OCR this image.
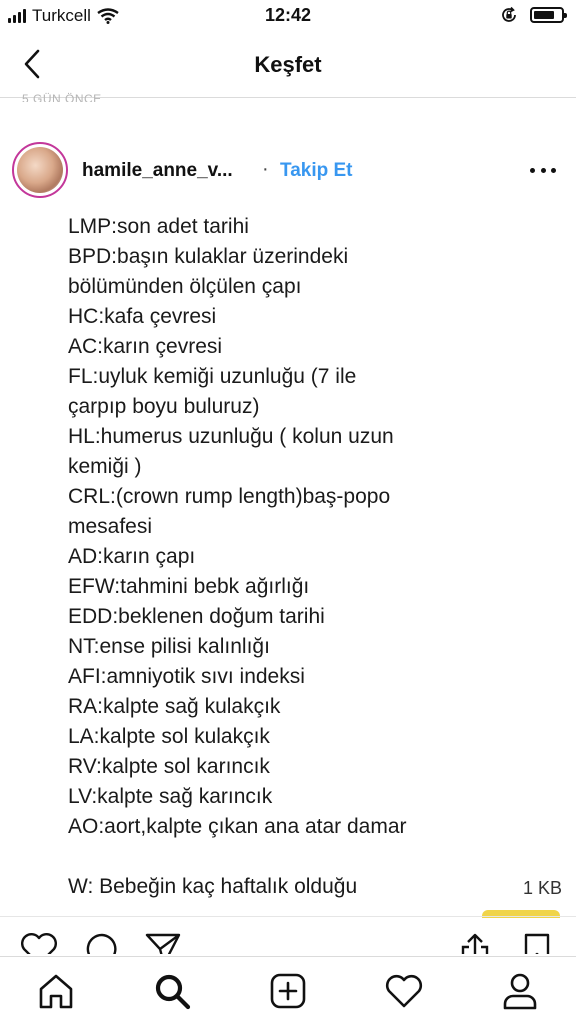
Turkcell	12:42
Keşfet
5 GÜN ÖNCE
hamile_anne_v... · Takip Et
LMP:son adet tarihi
BPD:başın kulaklar üzerindeki
bölümünden ölçülen çapı
HC:kafa çevresi
AC:karın çevresi
FL:uyluk kemiği uzunluğu (7 ile
çarpıp boyu buluruz)
HL:humerus uzunluğu ( kolun uzun
kemiği )
CRL:(crown rump length)baş-popo
mesafesi
AD:karın çapı
EFW:tahmini bebk ağırlığı
EDD:beklenen doğum tarihi
NT:ense pilisi kalınlığı
AFI:amniyotik sıvı indeksi
RA:kalpte sağ kulakçık
LA:kalpte sol kulakçık
RV:kalpte sol karıncık
LV:kalpte sağ karıncık
AO:aort,kalpte çıkan ana atar damar
W: Bebeğin kaç haftalık olduğu	1 KB
